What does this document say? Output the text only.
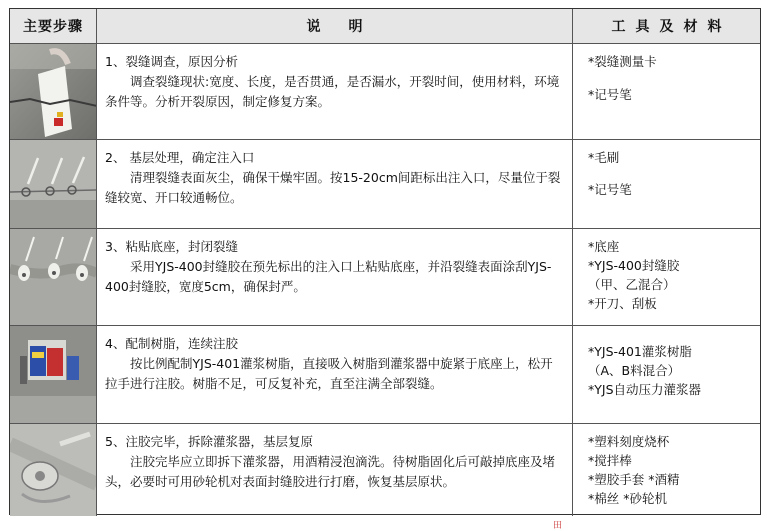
主要步骤	说明	工具及材料
1、裂缝调查，原因分析
调查裂缝现状:宽度、长度，是否贯通，是否漏水，开裂时间，使用材料，环境条件等。分析开裂原因，制定修复方案。
*裂缝测量卡
*记号笔
2、 基层处理，确定注入口
清理裂缝表面灰尘，确保干燥牢固。按15-20cm间距标出注入口，尽量位于裂缝较宽、开口较通畅位。
*毛刷
*记号笔
3、粘贴底座，封闭裂缝
采用YJS-400封缝胶在预先标出的注入口上粘贴底座，并沿裂缝表面涂刮YJS-400封缝胶，宽度5cm，确保封严。
*底座
*YJS-400封缝胶
（甲、乙混合）
*开刀、刮板
4、配制树脂，连续注胶
按比例配制YJS-401灌浆树脂，直接吸入树脂到灌浆器中旋紧于底座上，松开拉手进行注胶。树脂不足，可反复补充，直至注满全部裂缝。
*YJS-401灌浆树脂
（A、B料混合）
*YJS自动压力灌浆器
5、注胶完毕，拆除灌浆器，基层复原
注胶完毕应立即拆下灌浆器，用酒精浸泡滴洗。待树脂固化后可敲掉底座及堵头，必要时可用砂轮机对表面封缝胶进行打磨，恢复基层原状。
*塑料刻度烧杯
*搅拌棒
*塑胶手套 *酒精
*棉丝 *砂轮机
田
